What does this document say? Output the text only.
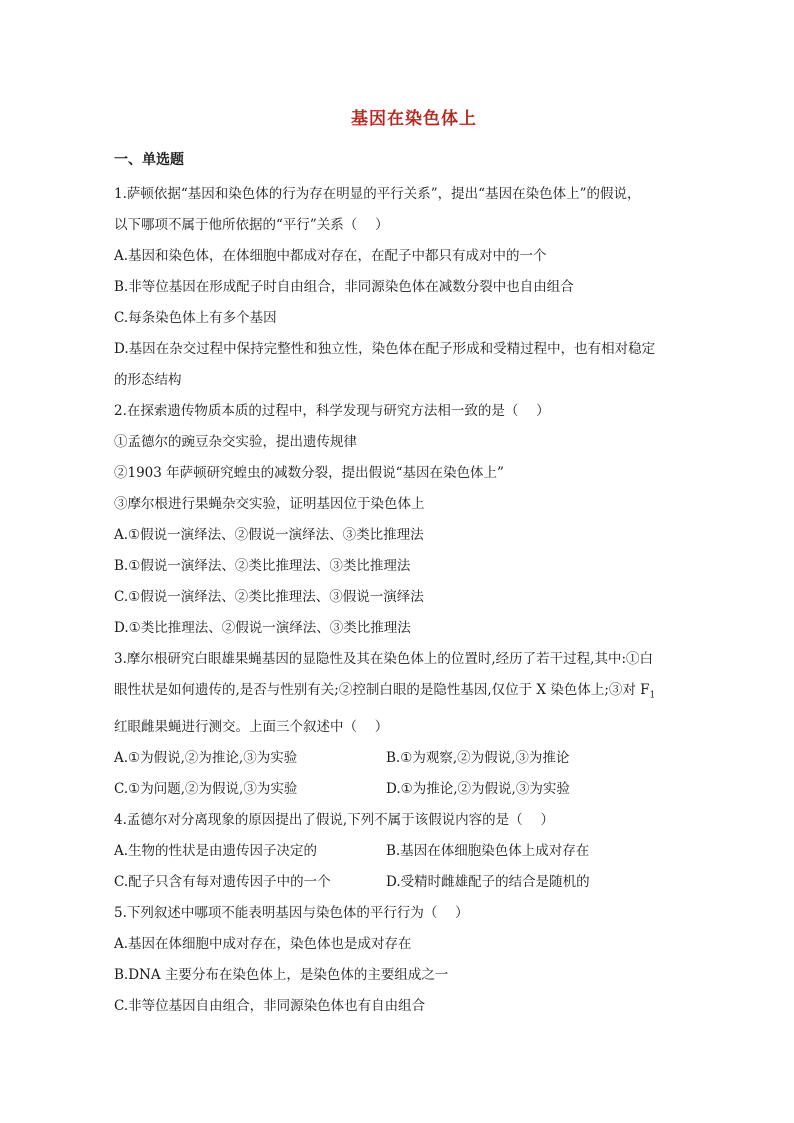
基因在染色体上
一、单选题
1.萨顿依据“基因和染色体的行为存在明显的平行关系”，提出“基因在染色体上”的假说，
以下哪项不属于他所依据的“平行”关系（　 ）
A.基因和染色体，在体细胞中都成对存在，在配子中都只有成对中的一个
B.非等位基因在形成配子时自由组合，非同源染色体在减数分裂中也自由组合
C.每条染色体上有多个基因
D.基因在杂交过程中保持完整性和独立性，染色体在配子形成和受精过程中，也有相对稳定
的形态结构
2.在探索遗传物质本质的过程中，科学发现与研究方法相一致的是（　 ）
①孟德尔的豌豆杂交实验，提出遗传规律
②1903 年萨顿研究蝗虫的减数分裂，提出假说“基因在染色体上”
③摩尔根进行果蝇杂交实验，证明基因位于染色体上
A.①假说一演绎法、②假说一演绎法、③类比推理法
B.①假说一演绎法、②类比推理法、③类比推理法
C.①假说一演绎法、②类比推理法、③假说一演绎法
D.①类比推理法、②假说一演绎法、③类比推理法
3.摩尔根研究白眼雄果蝇基因的显隐性及其在染色体上的位置时,经历了若干过程,其中:①白
眼性状是如何遗传的,是否与性别有关;②控制白眼的是隐性基因,仅位于 X 染色体上;③对 $F_1$
红眼雌果蝇进行测交。上面三个叙述中（　 ）
A.①为假说,②为推论,③为实验	B.①为观察,②为假说,③为推论
C.①为问题,②为假说,③为实验	D.①为推论,②为假说,③为实验
4.孟德尔对分离现象的原因提出了假说,下列不属于该假说内容的是（　 ）
A.生物的性状是由遗传因子决定的	B.基因在体细胞染色体上成对存在
C.配子只含有每对遗传因子中的一个	D.受精时雌雄配子的结合是随机的
5.下列叙述中哪项不能表明基因与染色体的平行行为（　 ）
A.基因在体细胞中成对存在，染色体也是成对存在
B.DNA 主要分布在染色体上，是染色体的主要组成之一
C.非等位基因自由组合，非同源染色体也有自由组合
